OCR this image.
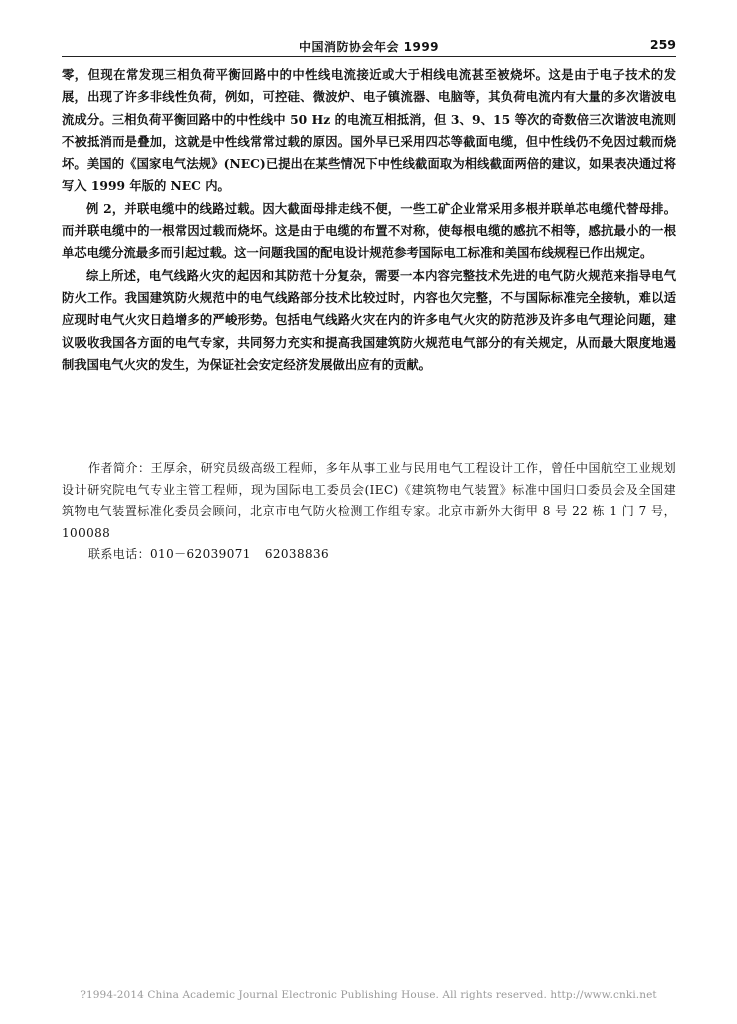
中国消防协会年会 1999	259

零，但现在常发现三相负荷平衡回路中的中性线电流接近或大于相线电流甚至被烧坏。这是由于电子技术的发展，出现了许多非线性负荷，例如，可控硅、微波炉、电子镇流器、电脑等，其负荷电流内有大量的多次谐波电流成分。三相负荷平衡回路中的中性线中 50 Hz 的电流互相抵消，但 3、9、15 等次的奇数倍三次谐波电流则不被抵消而是叠加，这就是中性线常常过载的原因。国外早已采用四芯等截面电缆，但中性线仍不免因过载而烧坏。美国的《国家电气法规》(NEC)已提出在某些情况下中性线截面取为相线截面两倍的建议，如果表决通过将写入 1999 年版的 NEC 内。

例 2，并联电缆中的线路过载。因大截面母排走线不便，一些工矿企业常采用多根并联单芯电缆代替母排。而并联电缆中的一根常因过载而烧坏。这是由于电缆的布置不对称，使每根电缆的感抗不相等，感抗最小的一根单芯电缆分流最多而引起过载。这一问题我国的配电设计规范参考国际电工标准和美国布线规程已作出规定。

综上所述，电气线路火灾的起因和其防范十分复杂，需要一本内容完整技术先进的电气防火规范来指导电气防火工作。我国建筑防火规范中的电气线路部分技术比较过时，内容也欠完整，不与国际标准完全接轨，难以适应现时电气火灾日趋增多的严峻形势。包括电气线路火灾在内的许多电气火灾的防范涉及许多电气理论问题，建议吸收我国各方面的电气专家，共同努力充实和提高我国建筑防火规范电气部分的有关规定，从而最大限度地遏制我国电气火灾的发生，为保证社会安定经济发展做出应有的贡献。

作者简介：王厚余，研究员级高级工程师，多年从事工业与民用电气工程设计工作，曾任中国航空工业规划设计研究院电气专业主管工程师，现为国际电工委员会(IEC)《建筑物电气装置》标准中国归口委员会及全国建筑物电气装置标准化委员会顾问，北京市电气防火检测工作组专家。北京市新外大街甲 8 号 22 栋 1 门 7 号，100088

联系电话：010－62039071 62038836

?1994-2014 China Academic Journal Electronic Publishing House. All rights reserved. http://www.cnki.net
